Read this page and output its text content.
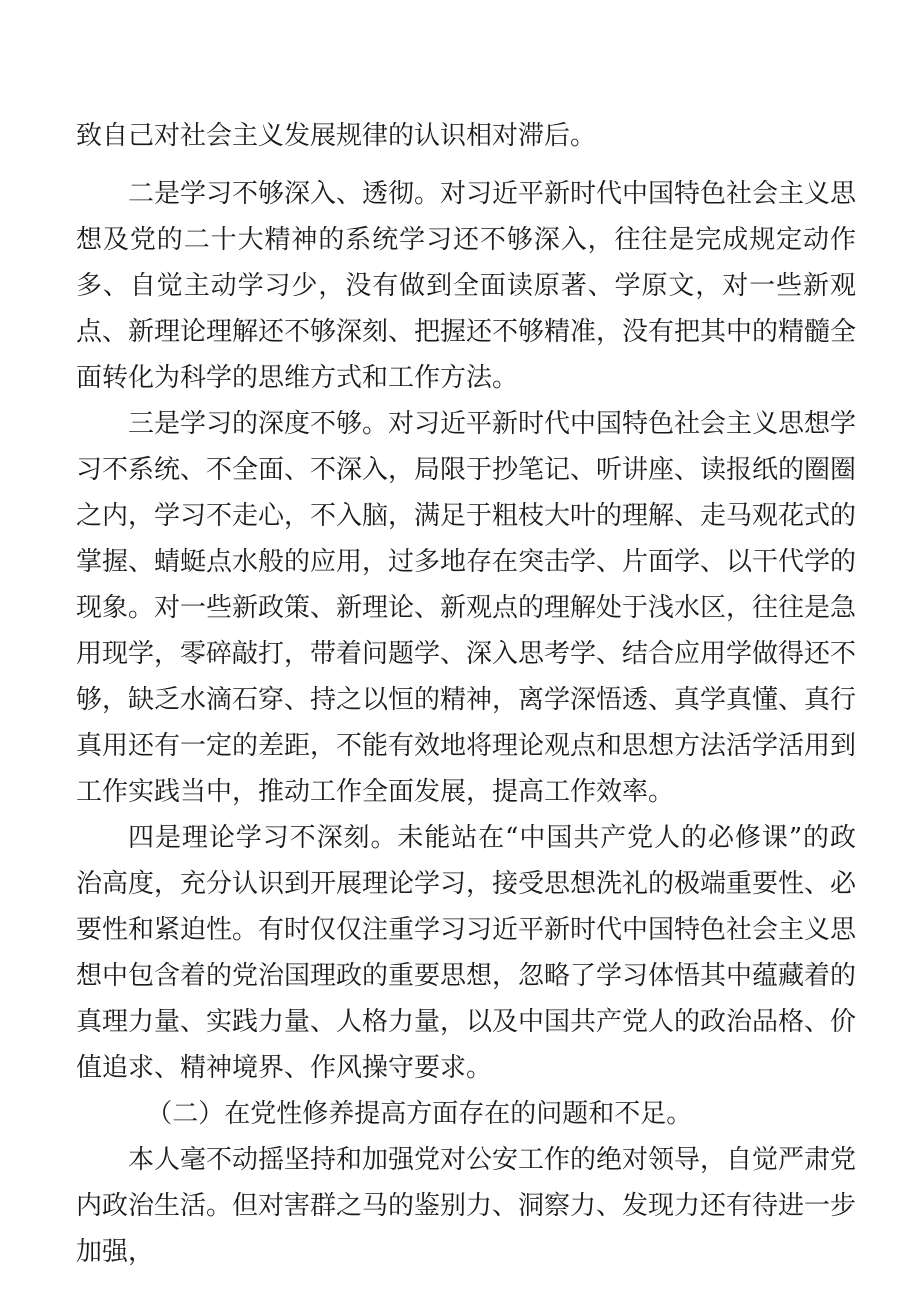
致自己对社会主义发展规律的认识相对滞后。

二是学习不够深入、透彻。对习近平新时代中国特色社会主义思想及党的二十大精神的系统学习还不够深入，往往是完成规定动作多、自觉主动学习少，没有做到全面读原著、学原文，对一些新观点、新理论理解还不够深刻、把握还不够精准，没有把其中的精髓全面转化为科学的思维方式和工作方法。

三是学习的深度不够。对习近平新时代中国特色社会主义思想学习不系统、不全面、不深入，局限于抄笔记、听讲座、读报纸的圈圈之内，学习不走心，不入脑，满足于粗枝大叶的理解、走马观花式的掌握、蜻蜓点水般的应用，过多地存在突击学、片面学、以干代学的现象。对一些新政策、新理论、新观点的理解处于浅水区，往往是急用现学，零碎敲打，带着问题学、深入思考学、结合应用学做得还不够，缺乏水滴石穿、持之以恒的精神，离学深悟透、真学真懂、真行真用还有一定的差距，不能有效地将理论观点和思想方法活学活用到工作实践当中，推动工作全面发展，提高工作效率。

四是理论学习不深刻。未能站在“中国共产党人的必修课”的政治高度，充分认识到开展理论学习，接受思想洗礼的极端重要性、必要性和紧迫性。有时仅仅注重学习习近平新时代中国特色社会主义思想中包含着的党治国理政的重要思想，忽略了学习体悟其中蕴藏着的真理力量、实践力量、人格力量，以及中国共产党人的政治品格、价值追求、精神境界、作风操守要求。

（二）在党性修养提高方面存在的问题和不足。

本人毫不动摇坚持和加强党对公安工作的绝对领导，自觉严肃党内政治生活。但对害群之马的鉴别力、洞察力、发现力还有待进一步加强，
